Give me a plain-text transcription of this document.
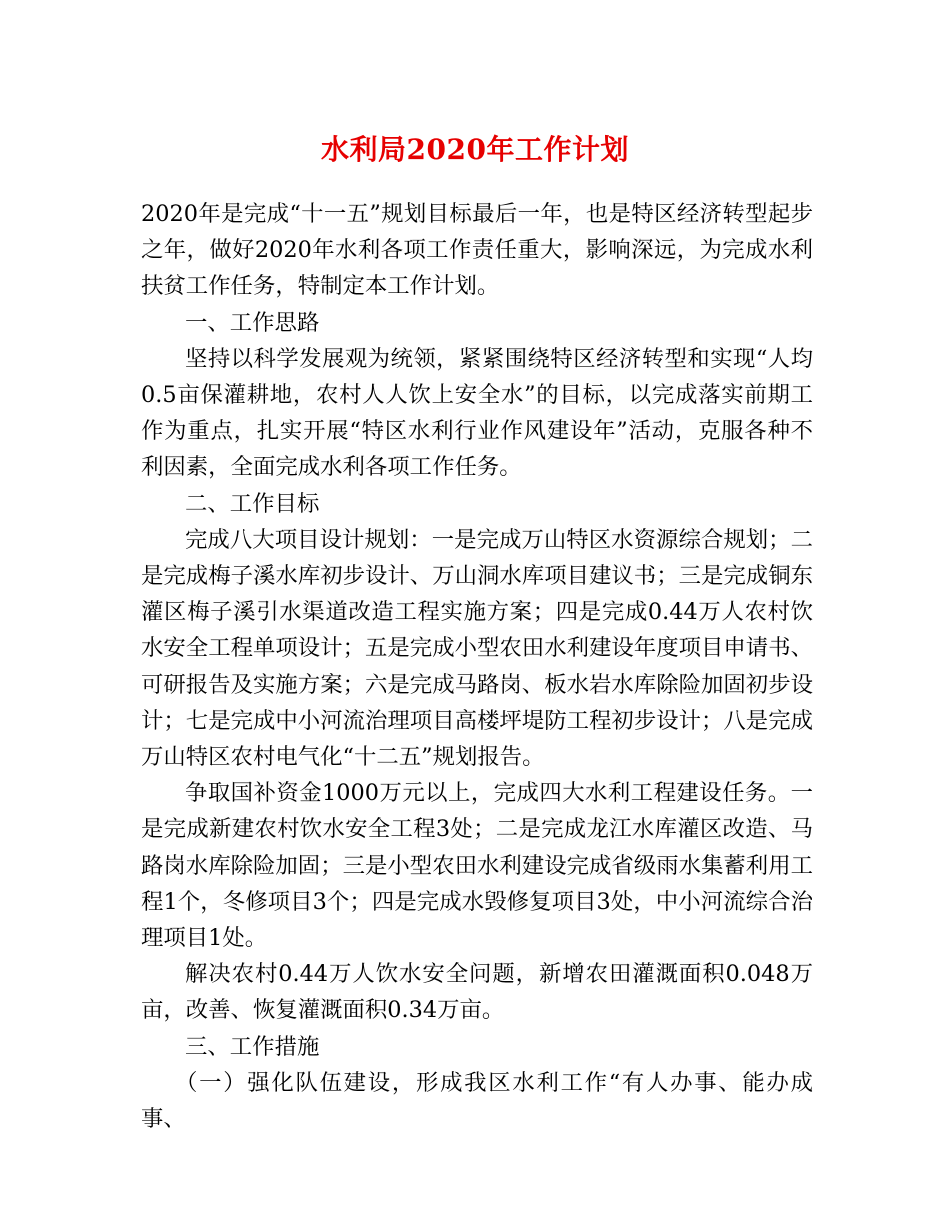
水利局2020年工作计划

2020年是完成“十一五”规划目标最后一年，也是特区经济转型起步之年，做好2020年水利各项工作责任重大，影响深远，为完成水利扶贫工作任务，特制定本工作计划。

一、工作思路

坚持以科学发展观为统领，紧紧围绕特区经济转型和实现“人均0.5亩保灌耕地，农村人人饮上安全水”的目标，以完成落实前期工作为重点，扎实开展“特区水利行业作风建设年”活动，克服各种不利因素，全面完成水利各项工作任务。

二、工作目标

完成八大项目设计规划：一是完成万山特区水资源综合规划；二是完成梅子溪水库初步设计、万山洞水库项目建议书；三是完成铜东灌区梅子溪引水渠道改造工程实施方案；四是完成0.44万人农村饮水安全工程单项设计；五是完成小型农田水利建设年度项目申请书、可研报告及实施方案；六是完成马路岗、板水岩水库除险加固初步设计；七是完成中小河流治理项目高楼坪堤防工程初步设计；八是完成万山特区农村电气化“十二五”规划报告。

争取国补资金1000万元以上，完成四大水利工程建设任务。一是完成新建农村饮水安全工程3处；二是完成龙江水库灌区改造、马路岗水库除险加固；三是小型农田水利建设完成省级雨水集蓄利用工程1个，冬修项目3个；四是完成水毁修复项目3处，中小河流综合治理项目1处。

解决农村0.44万人饮水安全问题，新增农田灌溉面积0.048万亩，改善、恢复灌溉面积0.34万亩。

三、工作措施

（一）强化队伍建设，形成我区水利工作“有人办事、能办成事、
